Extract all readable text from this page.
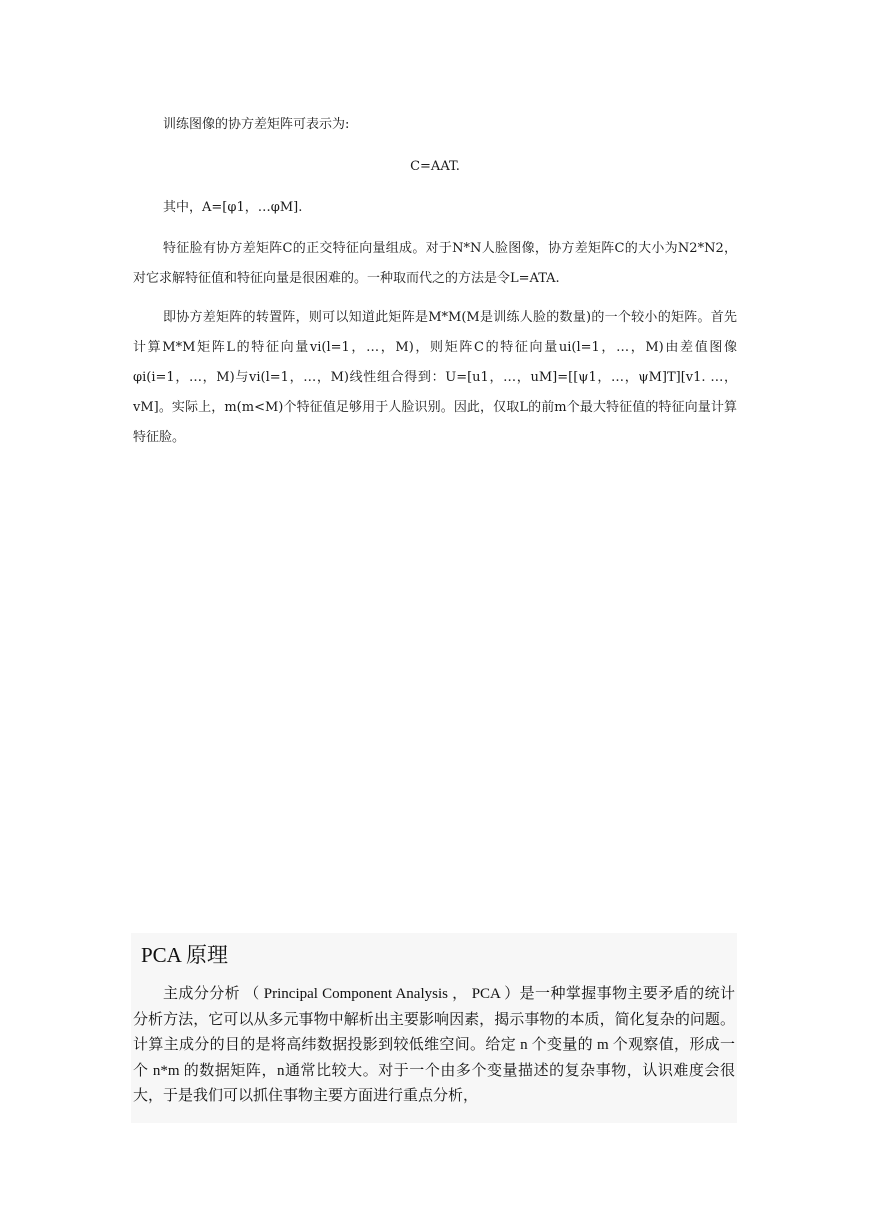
训练图像的协方差矩阵可表示为:

C=AAT.

其中，A=[φ1，…φM].

特征脸有协方差矩阵C的正交特征向量组成。对于N*N人脸图像，协方差矩阵C的大小为N2*N2，对它求解特征值和特征向量是很困难的。一种取而代之的方法是令L=ATA.

即协方差矩阵的转置阵，则可以知道此矩阵是M*M(M是训练人脸的数量)的一个较小的矩阵。首先计算M*M矩阵L的特征向量vi(l=1，…，M)，则矩阵C的特征向量ui(l=1，…，M)由差值图像φi(i=1，…，M)与vi(l=1，…，M)线性组合得到：U=[u1，…，uM]=[[ψ1，…，ψM]T][v1. …，vM]。实际上，m(m<M)个特征值足够用于人脸识别。因此，仅取L的前m个最大特征值的特征向量计算特征脸。

PCA 原理

主成分分析 （ Principal Component Analysis ， PCA ）是一种掌握事物主要矛盾的统计分析方法，它可以从多元事物中解析出主要影响因素，揭示事物的本质，简化复杂的问题。计算主成分的目的是将高纬数据投影到较低维空间。给定 n 个变量的 m 个观察值，形成一个 n*m 的数据矩阵，n通常比较大。对于一个由多个变量描述的复杂事物，认识难度会很大，于是我们可以抓住事物主要方面进行重点分析，
